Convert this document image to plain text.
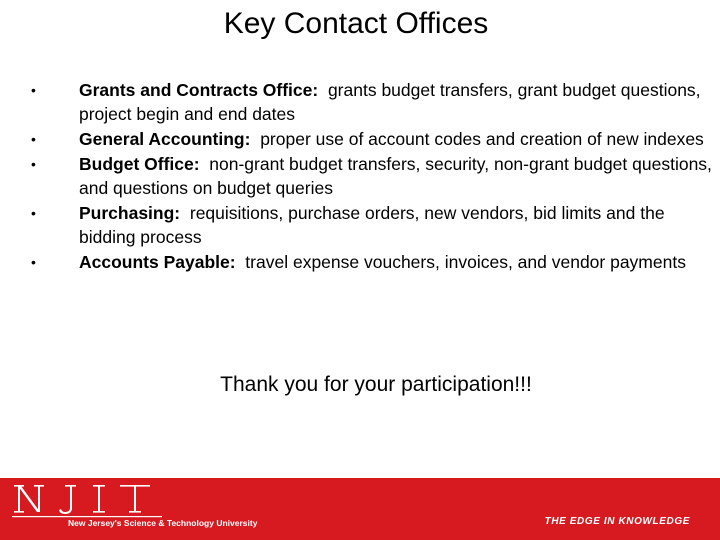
Key Contact Offices
• Grants and Contracts Office:  grants budget transfers, grant budget questions, project begin and end dates
• General Accounting:  proper use of account codes and creation of new indexes
• Budget Office:  non-grant budget transfers, security, non-grant budget questions, and questions on budget queries
• Purchasing:  requisitions, purchase orders, new vendors, bid limits and the bidding process
• Accounts Payable:  travel expense vouchers, invoices, and vendor payments
Thank you for your participation!!!
New Jersey's Science & Technology University	THE EDGE IN KNOWLEDGE
